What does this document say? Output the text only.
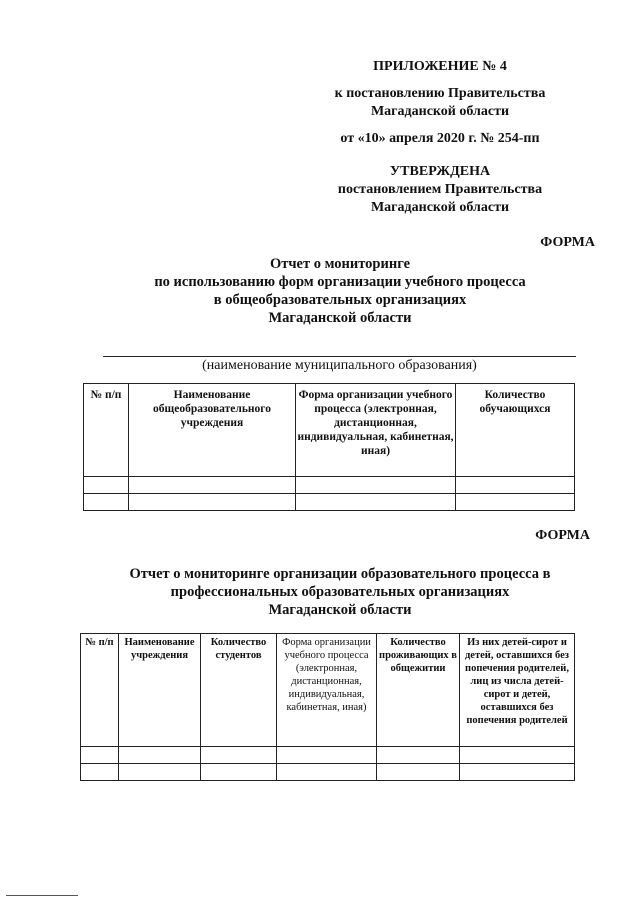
ПРИЛОЖЕНИЕ № 4
к постановлению Правительства
Магаданской области
от «10» апреля 2020 г. № 254-пп
УТВЕРЖДЕНА
постановлением Правительства
Магаданской области
ФОРМА
Отчет о мониторинге
по использованию форм организации учебного процесса
в общеобразовательных организациях
Магаданской области
(наименование муниципального образования)
№ п/п	Наименование общеобразовательного учреждения	Форма организации учебного процесса (электронная, дистанционная, индивидуальная, кабинетная, иная)	Количество обучающихся

ФОРМА
Отчет о мониторинге организации образовательного процесса в
профессиональных образовательных организациях
Магаданской области
№ п/п	Наименование учреждения	Количество студентов	Форма организации учебного процесса (электронная, дистанционная, индивидуальная, кабинетная, иная)	Количество проживающих в общежитии	Из них детей-сирот и детей, оставшихся без попечения родителей, лиц из числа детей-сирот и детей, оставшихся без попечения родителей
